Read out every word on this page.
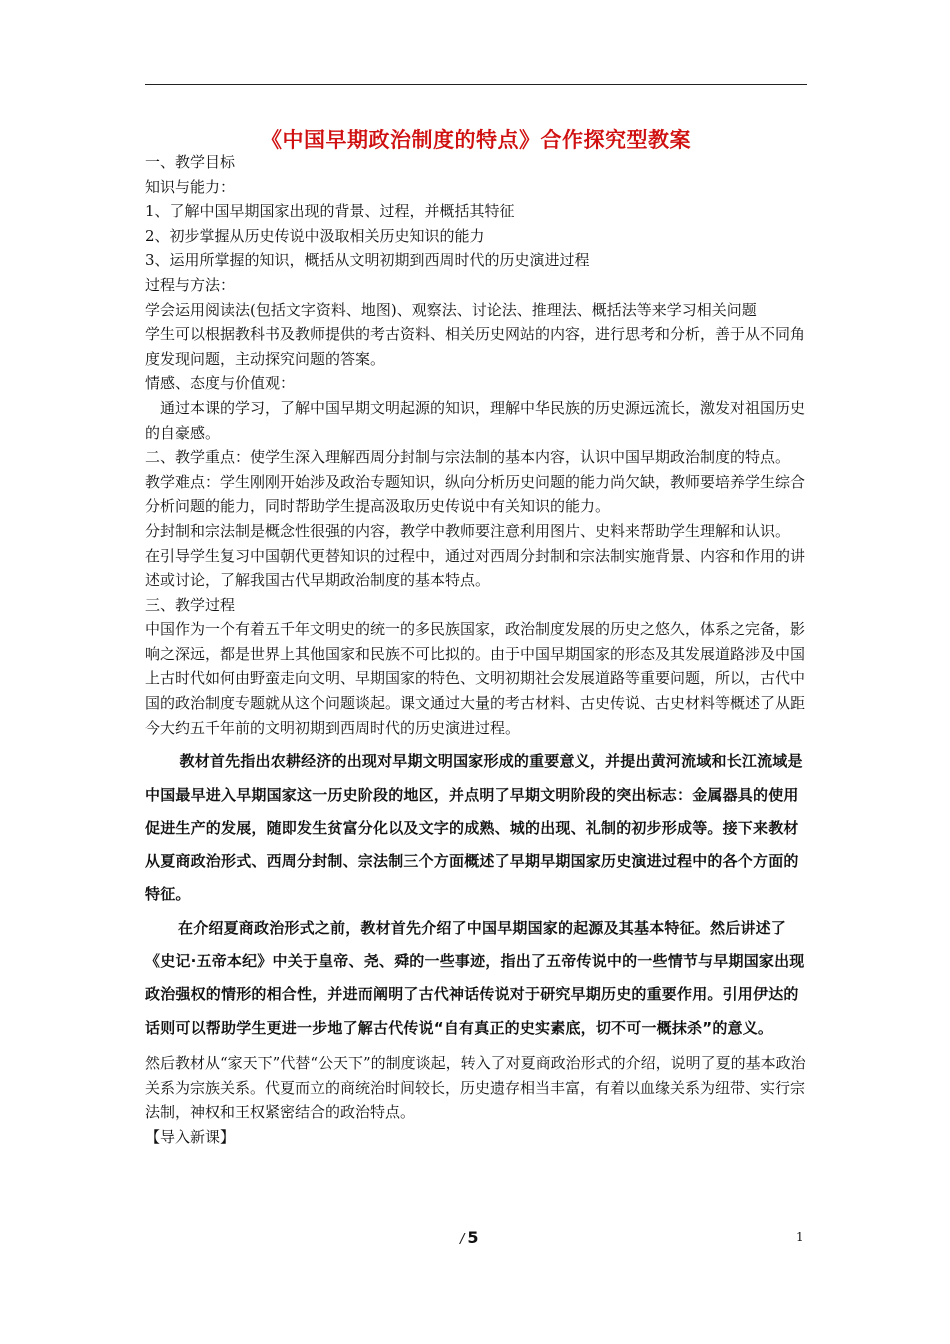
《中国早期政治制度的特点》合作探究型教案

一、教学目标

知识与能力：

1、了解中国早期国家出现的背景、过程，并概括其特征

2、初步掌握从历史传说中汲取相关历史知识的能力

3、运用所掌握的知识，概括从文明初期到西周时代的历史演进过程

过程与方法：

学会运用阅读法(包括文字资料、地图)、观察法、讨论法、推理法、概括法等来学习相关问题

学生可以根据教科书及教师提供的考古资料、相关历史网站的内容，进行思考和分析，善于从不同角度发现问题，主动探究问题的答案。

情感、态度与价值观：

通过本课的学习，了解中国早期文明起源的知识，理解中华民族的历史源远流长，激发对祖国历史的自豪感。

二、教学重点：使学生深入理解西周分封制与宗法制的基本内容，认识中国早期政治制度的特点。

教学难点：学生刚刚开始涉及政治专题知识，纵向分析历史问题的能力尚欠缺，教师要培养学生综合分析问题的能力，同时帮助学生提高汲取历史传说中有关知识的能力。

分封制和宗法制是概念性很强的内容，教学中教师要注意利用图片、史料来帮助学生理解和认识。

在引导学生复习中国朝代更替知识的过程中，通过对西周分封制和宗法制实施背景、内容和作用的讲述或讨论，了解我国古代早期政治制度的基本特点。

三、教学过程

中国作为一个有着五千年文明史的统一的多民族国家，政治制度发展的历史之悠久，体系之完备，影响之深远，都是世界上其他国家和民族不可比拟的。由于中国早期国家的形态及其发展道路涉及中国上古时代如何由野蛮走向文明、早期国家的特色、文明初期社会发展道路等重要问题，所以，古代中国的政治制度专题就从这个问题谈起。课文通过大量的考古材料、古史传说、古史材料等概述了从距今大约五千年前的文明初期到西周时代的历史演进过程。

教材首先指出农耕经济的出现对早期文明国家形成的重要意义，并提出黄河流域和长江流域是中国最早进入早期国家这一历史阶段的地区，并点明了早期文明阶段的突出标志：金属器具的使用促进生产的发展，随即发生贫富分化以及文字的成熟、城的出现、礼制的初步形成等。接下来教材从夏商政治形式、西周分封制、宗法制三个方面概述了早期早期国家历史演进过程中的各个方面的特征。

在介绍夏商政治形式之前，教材首先介绍了中国早期国家的起源及其基本特征。然后讲述了《史记·五帝本纪》中关于皇帝、尧、舜的一些事迹，指出了五帝传说中的一些情节与早期国家出现政治强权的情形的相合性，并进而阐明了古代神话传说对于研究早期历史的重要作用。引用伊达的话则可以帮助学生更进一步地了解古代传说“自有真正的史实素底，切不可一概抹杀”的意义。

然后教材从“家天下”代替“公天下”的制度谈起，转入了对夏商政治形式的介绍，说明了夏的基本政治关系为宗族关系。代夏而立的商统治时间较长，历史遗存相当丰富，有着以血缘关系为纽带、实行宗法制，神权和王权紧密结合的政治特点。

【导入新课】

/ 5	1
